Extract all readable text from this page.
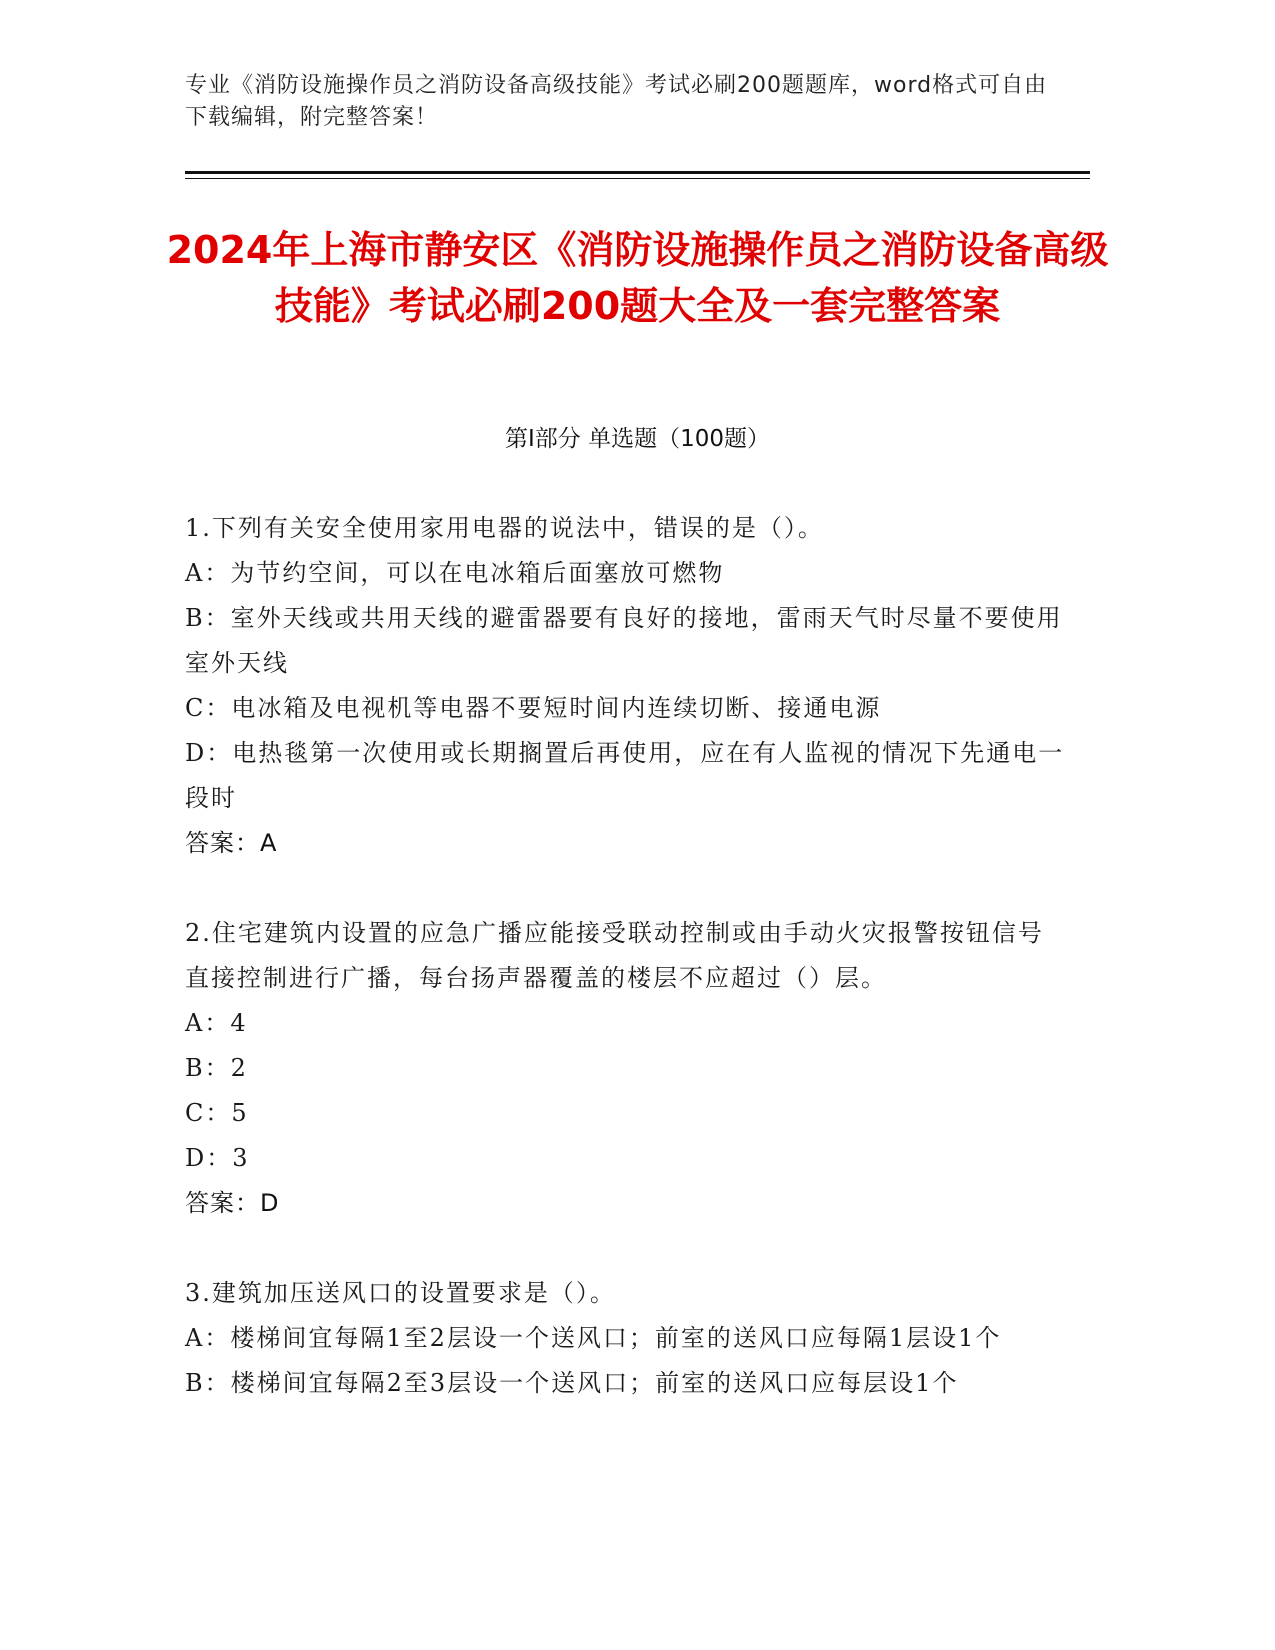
专业《消防设施操作员之消防设备高级技能》考试必刷200题题库，word格式可自由下载编辑，附完整答案！
2024年上海市静安区《消防设施操作员之消防设备高级技能》考试必刷200题大全及一套完整答案
第Ⅰ部分 单选题（100题）

1.下列有关安全使用家用电器的说法中，错误的是（）。

A：为节约空间，可以在电冰箱后面塞放可燃物

B：室外天线或共用天线的避雷器要有良好的接地，雷雨天气时尽量不要使用室外天线

C：电冰箱及电视机等电器不要短时间内连续切断、接通电源

D：电热毯第一次使用或长期搁置后再使用，应在有人监视的情况下先通电一段时

答案：A

2.住宅建筑内设置的应急广播应能接受联动控制或由手动火灾报警按钮信号直接控制进行广播，每台扬声器覆盖的楼层不应超过（）层。

A：4

B：2

C：5

D：3

答案：D

3.建筑加压送风口的设置要求是（）。

A：楼梯间宜每隔1至2层设一个送风口；前室的送风口应每隔1层设1个

B：楼梯间宜每隔2至3层设一个送风口；前室的送风口应每层设1个
